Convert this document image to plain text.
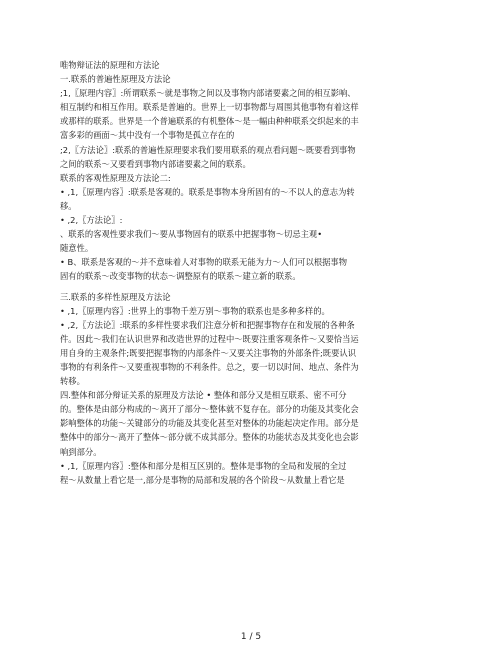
唯物辩证法的原理和方法论
一.联系的普遍性原理及方法论
;1,〖原理内容〗:所谓联系～就是事物之间以及事物内部诸要素之间的相互影响、
相互制约和相互作用。联系是普遍的。世界上一切事物都与周围其他事物有着这样
或那样的联系。世界是一个普遍联系的有机整体～是一幅由种种联系交织起来的丰
富多彩的画面～其中没有一个事物是孤立存在的
;2,〖方法论〗:联系的普遍性原理要求我们要用联系的观点看问题～既要看到事物
之间的联系～又要看到事物内部诸要素之间的联系。
联系的客观性原理及方法论二:
• ,1,〖原理内容〗:联系是客观的。联系是事物本身所固有的～不以人的意志为转
移。
• ,2,〖方法论〗:
、联系的客观性要求我们～要从事物固有的联系中把握事物～切忌主观•
随意性。
• B、联系是客观的～并不意味着人对事物的联系无能为力～人们可以根据事物
固有的联系～改变事物的状态～调整原有的联系～建立新的联系。
三.联系的多样性原理及方法论
• ,1,〖原理内容〗:世界上的事物千差万别～事物的联系也是多种多样的。
• ,2,〖方法论〗:联系的多样性要求我们注意分析和把握事物存在和发展的各种条
件。因此～我们在认识世界和改造世界的过程中～既要注重客观条件～又要恰当运
用自身的主观条件;既要把握事物的内部条件～又要关注事物的外部条件;既要认识
事物的有利条件～又要重视事物的不利条件。总之，要一切以时间、地点、条件为
转移。
四.整体和部分辩证关系的原理及方法论 • 整体和部分又是相互联系、密不可分
的。整体是由部分构成的～离开了部分～整体就不复存在。部分的功能及其变化会
影响整体的功能～关键部分的功能及其变化甚至对整体的功能起决定作用。部分是
整体中的部分～离开了整体～部分就不成其部分。整体的功能状态及其变化也会影
响到部分。
• ,1,〖原理内容〗:整体和部分是相互区别的。整体是事物的全局和发展的全过
程～从数量上看它是一,部分是事物的局部和发展的各个阶段～从数量上看它是
1 / 5
